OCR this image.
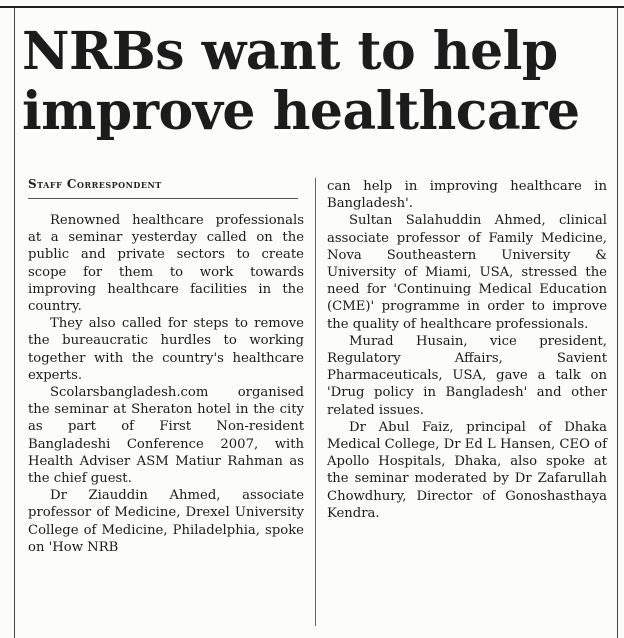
NRBs want to help improve healthcare
Staff Correspondent

Renowned healthcare professionals at a seminar yesterday called on the public and private sectors to create scope for them to work towards improving healthcare facilities in the country.

They also called for steps to remove the bureaucratic hurdles to working together with the country's healthcare experts.

Scolarsbangladesh.com organised the seminar at Sheraton hotel in the city as part of First Non-resident Bangladeshi Conference 2007, with Health Adviser ASM Matiur Rahman as the chief guest.

Dr Ziauddin Ahmed, associate professor of Medicine, Drexel University College of Medicine, Philadelphia, spoke on 'How NRB

can help in improving healthcare in Bangladesh'.

Sultan Salahuddin Ahmed, clinical associate professor of Family Medicine, Nova Southeastern University & University of Miami, USA, stressed the need for 'Continuing Medical Education (CME)' programme in order to improve the quality of healthcare professionals.

Murad Husain, vice president, Regulatory Affairs, Savient Pharmaceuticals, USA, gave a talk on 'Drug policy in Bangladesh' and other related issues.

Dr Abul Faiz, principal of Dhaka Medical College, Dr Ed L Hansen, CEO of Apollo Hospitals, Dhaka, also spoke at the seminar moderated by Dr Zafarullah Chowdhury, Director of Gonoshasthaya Kendra.
